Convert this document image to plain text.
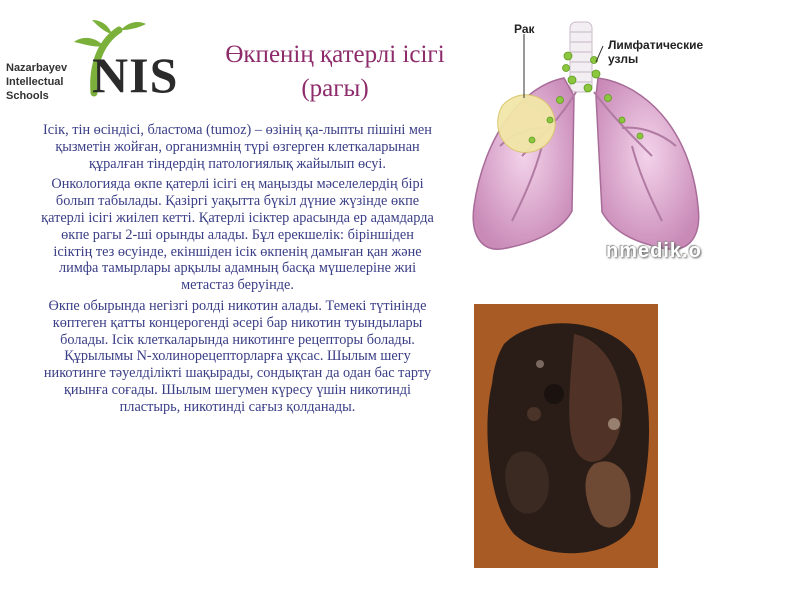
Nazarbayev
Intellectual
Schools NIS	Өкпенің қатерлі ісігі
(рагы)

Ісік, тін өсіндісі, бластома (tumoz) – өзінің қа-лыпты пішіні мен қызметін жойған, организмнің түрі өзгерген клеткаларынан құралған тіндердің патологиялық жайылып өсуі.

Онкологияда өкпе қатерлі ісігі ең маңызды мәселелердің бірі болып табылады. Қазіргі уақытта бүкіл дүние жүзінде өкпе қатерлі ісігі жиілеп кетті. Қатерлі ісіктер арасында ер адамдарда өкпе рагы 2-ші орынды алады. Бұл ерекшелік: біріншіден ісіктің тез өсуінде, екіншіден ісік өкпенің дамыған қан және лимфа тамырлары арқылы адамның басқа мүшелеріне жиі метастаз беруінде.

Өкпе обырында негізгі ролді никотин алады. Темекі түтінінде көптеген қатты концерогенді әсері бар никотин туындылары болады. Ісік клеткаларында никотинге рецепторы болады. Құрылымы N-холинорецепторларға ұқсас. Шылым шегу никотинге тәуелділікті шақырады, сондықтан да одан бас тарту қиынға соғады. Шылым шегумен күресу үшін никотинді пластырь, никотинді сағыз қолданады.

Рак
Лимфатические
узлы
nmedik.o
